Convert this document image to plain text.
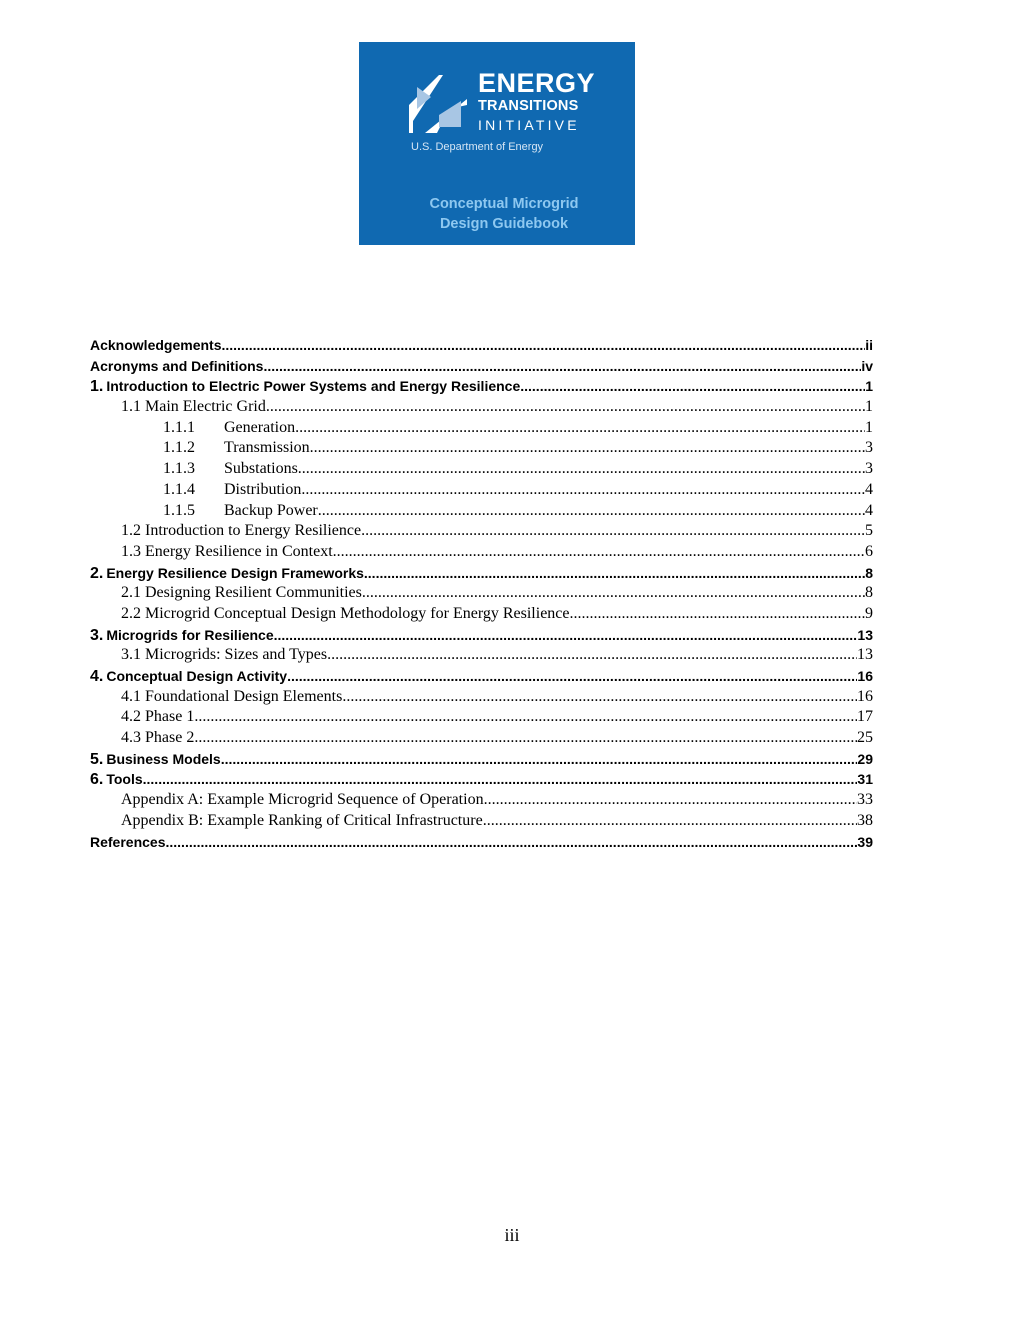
ENERGY
TRANSITIONS
INITIATIVE
U.S. Department of Energy
Conceptual Microgrid
Design Guidebook
Acknowledgements .....	ii
Acronyms and Definitions .....	iv
1. Introduction to Electric Power Systems and Energy Resilience .....	1
1.1 Main Electric Grid .....	1
1.1.1 Generation .....	1
1.1.2 Transmission .....	3
1.1.3 Substations .....	3
1.1.4 Distribution .....	4
1.1.5 Backup Power .....	4
1.2 Introduction to Energy Resilience .....	5
1.3 Energy Resilience in Context .....	6
2. Energy Resilience Design Frameworks .....	8
2.1 Designing Resilient Communities .....	8
2.2 Microgrid Conceptual Design Methodology for Energy Resilience .....	9
3. Microgrids for Resilience .....	13
3.1 Microgrids: Sizes and Types .....	13
4. Conceptual Design Activity .....	16
4.1 Foundational Design Elements .....	16
4.2 Phase 1 .....	17
4.3 Phase 2 .....	25
5. Business Models .....	29
6. Tools .....	31
Appendix A: Example Microgrid Sequence of Operation .....	33
Appendix B: Example Ranking of Critical Infrastructure .....	38
References .....	39
iii
